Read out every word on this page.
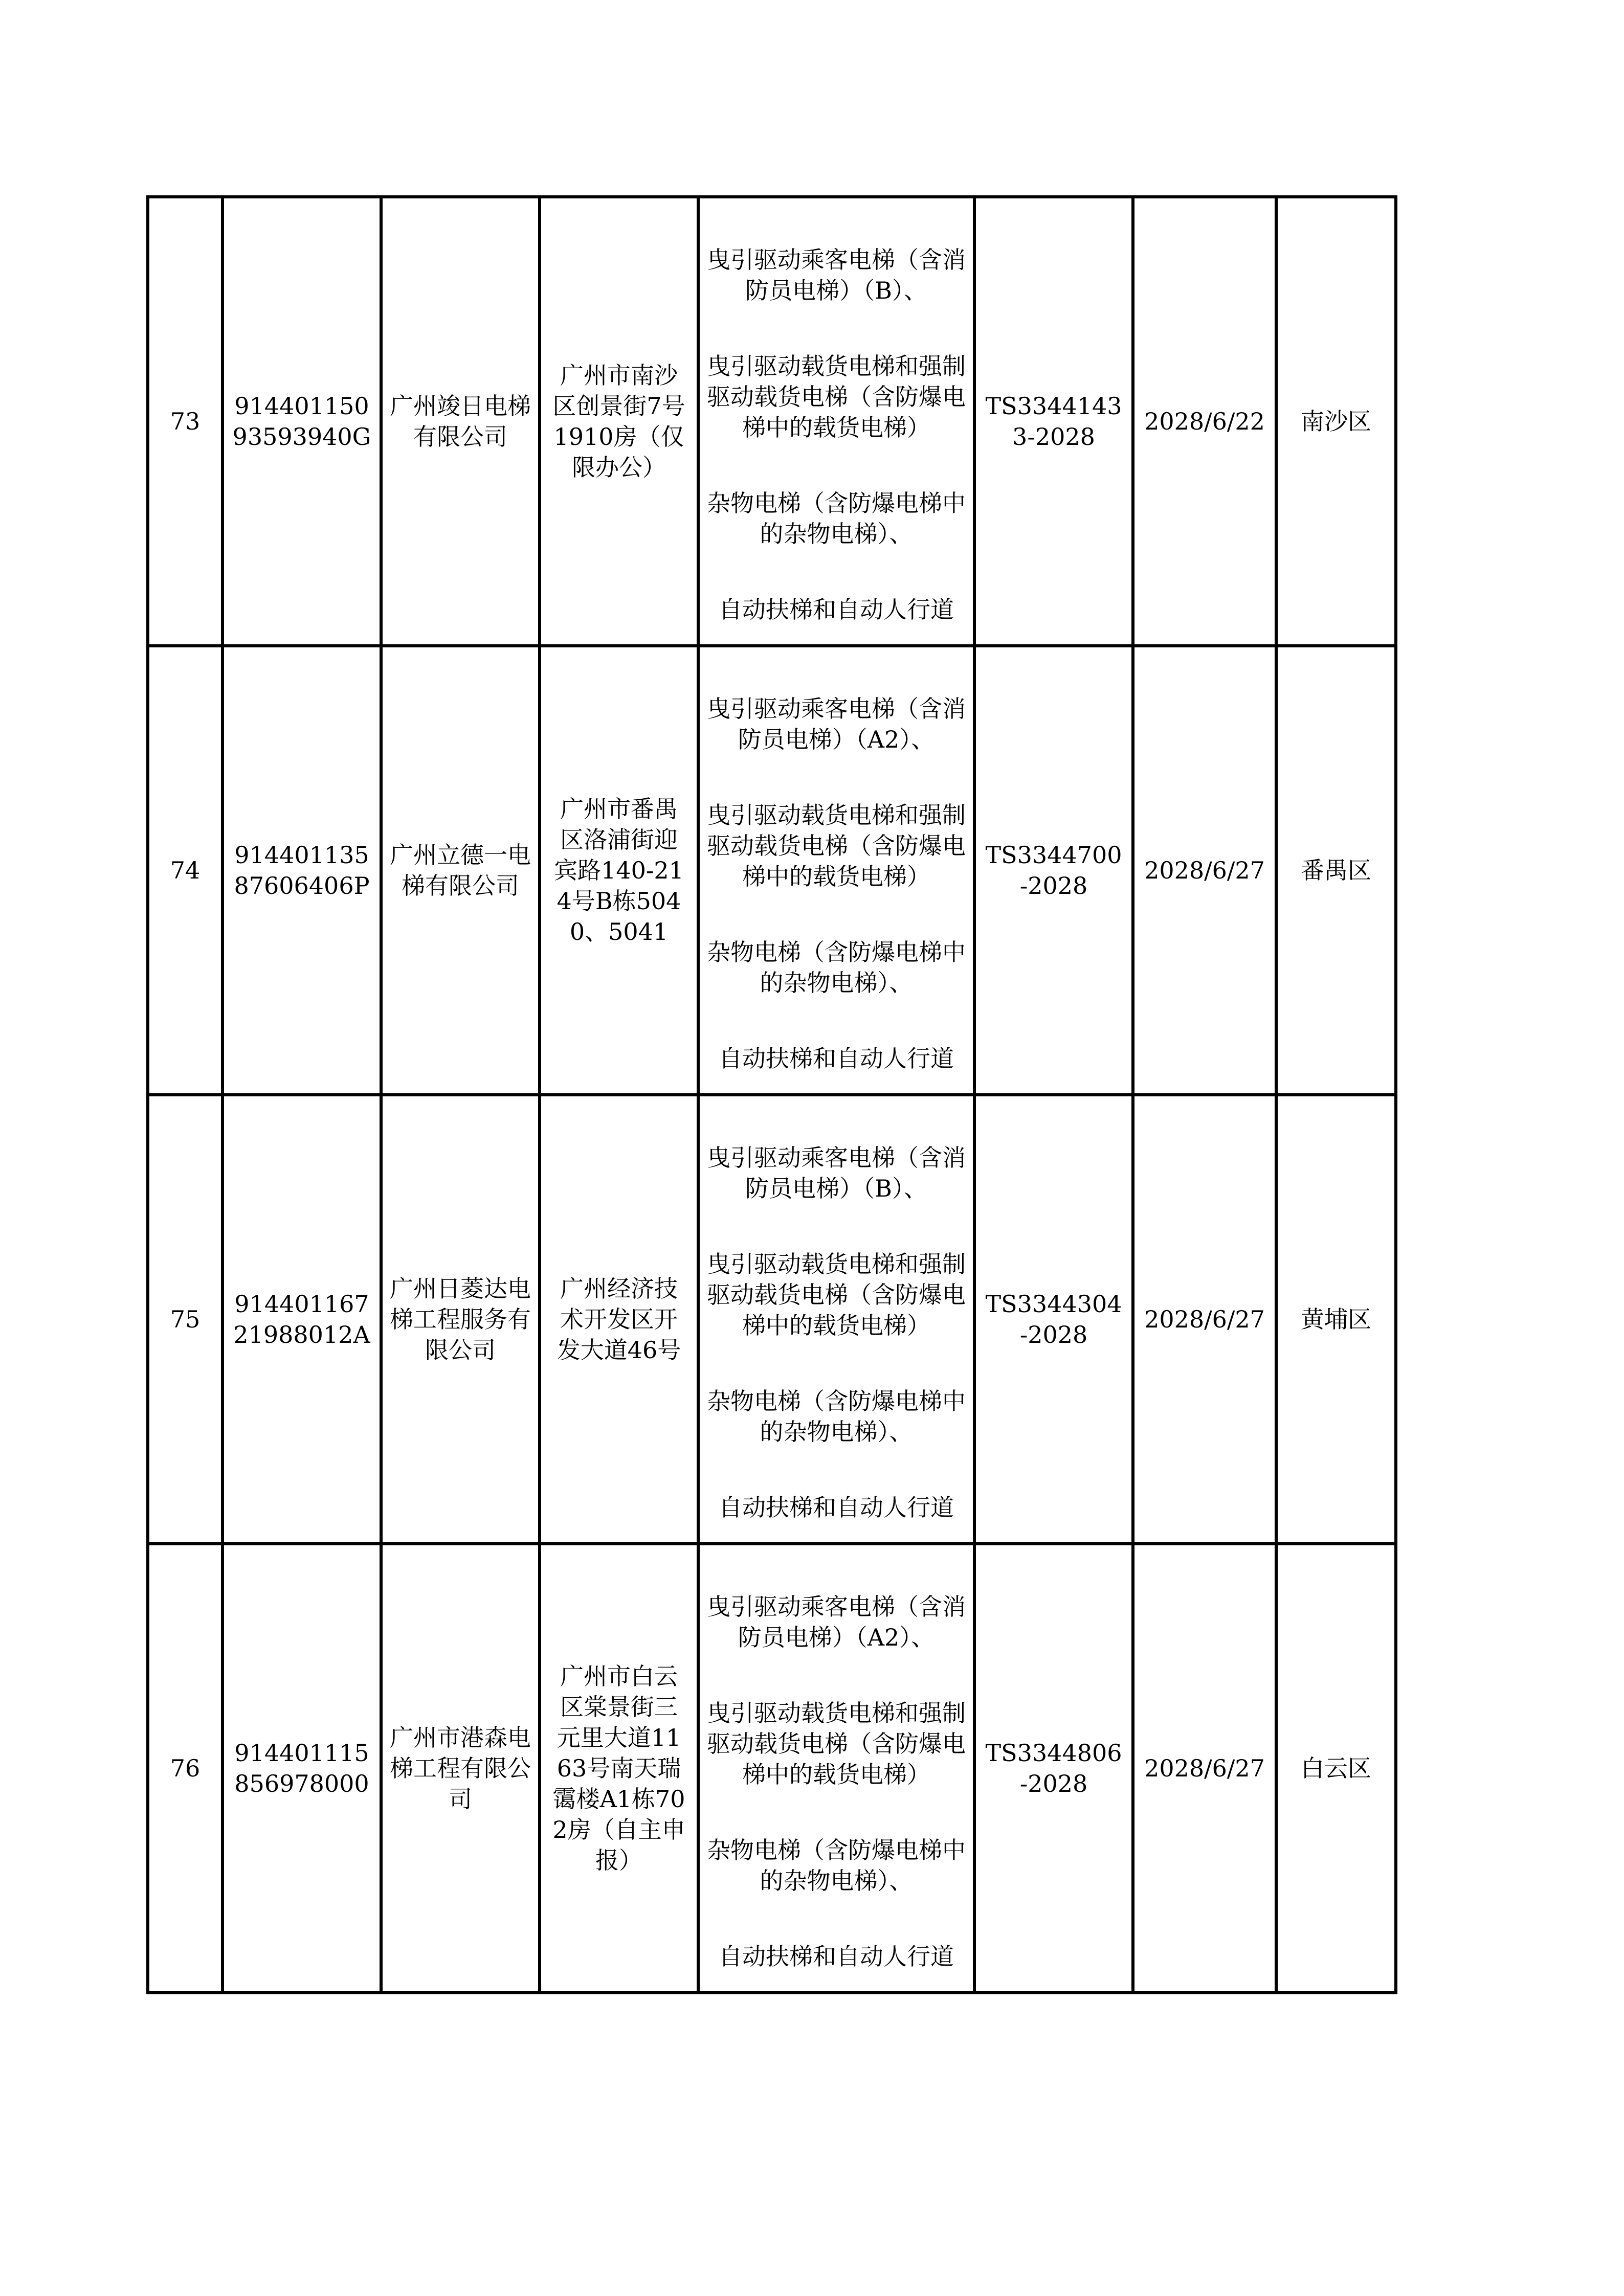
73	91440115093593940G	广州竣日电梯有限公司	广州市南沙区创景街7号1910房（仅限办公）	曳引驱动乘客电梯（含消防员电梯）（B）、
曳引驱动载货电梯和强制驱动载货电梯（含防爆电梯中的载货电梯）
杂物电梯（含防爆电梯中的杂物电梯）、
自动扶梯和自动人行道	TS33441433-2028	2028/6/22	南沙区

74	91440113587606406P	广州立德一电梯有限公司	广州市番禺区洛浦街迎宾路140-214号B栋5040、5041	曳引驱动乘客电梯（含消防员电梯）（A2）、
曳引驱动载货电梯和强制驱动载货电梯（含防爆电梯中的载货电梯）
杂物电梯（含防爆电梯中的杂物电梯）、
自动扶梯和自动人行道	TS3344700-2028	2028/6/27	番禺区

75	91440116721988012A	广州日菱达电梯工程服务有限公司	广州经济技术开发区开发大道46号	曳引驱动乘客电梯（含消防员电梯）（B）、
曳引驱动载货电梯和强制驱动载货电梯（含防爆电梯中的载货电梯）
杂物电梯（含防爆电梯中的杂物电梯）、
自动扶梯和自动人行道	TS3344304-2028	2028/6/27	黄埔区

76	914401115856978000	广州市港森电梯工程有限公司	广州市白云区棠景街三元里大道1163号南天瑞霭楼A1栋702房（自主申报）	曳引驱动乘客电梯（含消防员电梯）（A2）、
曳引驱动载货电梯和强制驱动载货电梯（含防爆电梯中的载货电梯）
杂物电梯（含防爆电梯中的杂物电梯）、
自动扶梯和自动人行道	TS3344806-2028	2028/6/27	白云区
